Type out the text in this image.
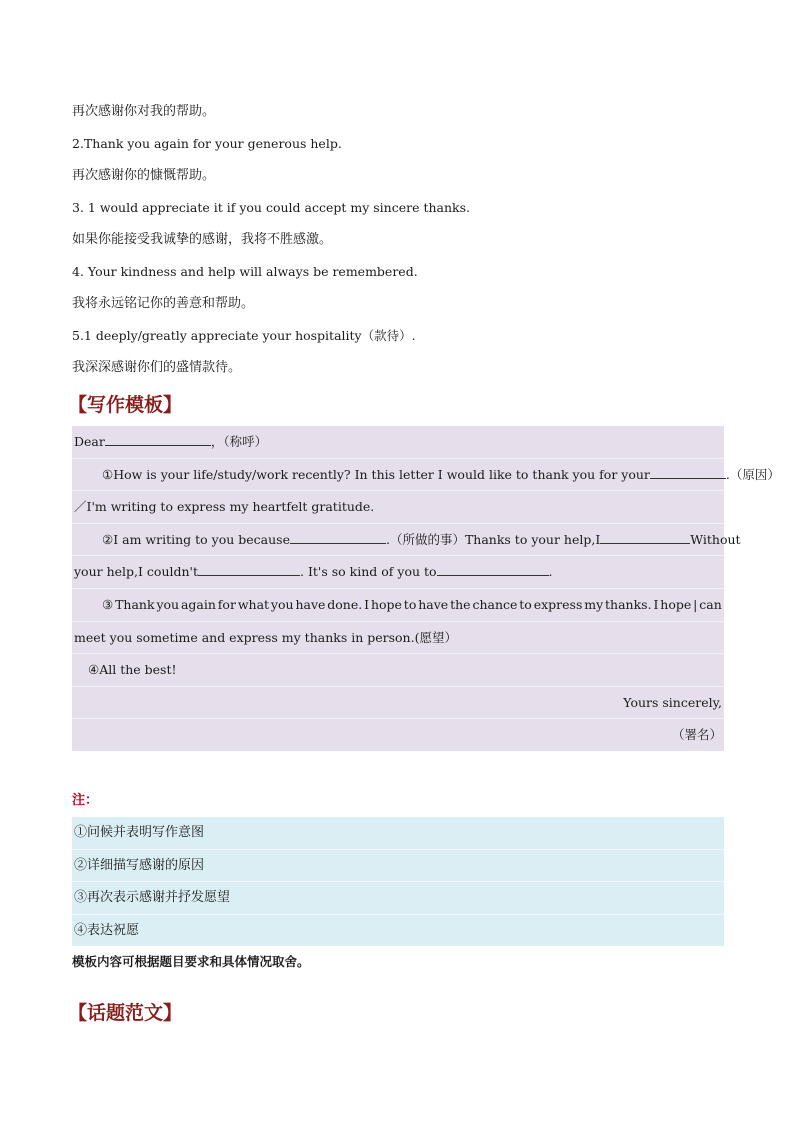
再次感谢你对我的帮助。
2.Thank you again for your generous help.
再次感谢你的慷慨帮助。
3. 1 would appreciate it if you could accept my sincere thanks.
如果你能接受我诚挚的感谢，我将不胜感激。
4. Your kindness and help will always be remembered.
我将永远铭记你的善意和帮助。
5.1 deeply/greatly appreciate your hospitality（款待）.
我深深感谢你们的盛情款待。
【写作模板】
Dear	，（称呼）
①How is your life/study/work recently? In this letter I would like to thank you for your	.（原因）
／I'm writing to express my heartfelt gratitude.
②I am writing to you because	.（所做的事）Thanks to your help,I	Without
your help,I couldn't	. It's so kind of you to	.
③ Thank you again for what you have done. I hope to have the chance to express my thanks. I hope | can
meet you sometime and express my thanks in person.(愿望）
④All the best!
Yours sincerely,
（署名）
注：
①问候并表明写作意图
②详细描写感谢的原因
③再次表示感谢并抒发愿望
④表达祝愿
模板内容可根据题目要求和具体情况取舍。
【话题范文】
